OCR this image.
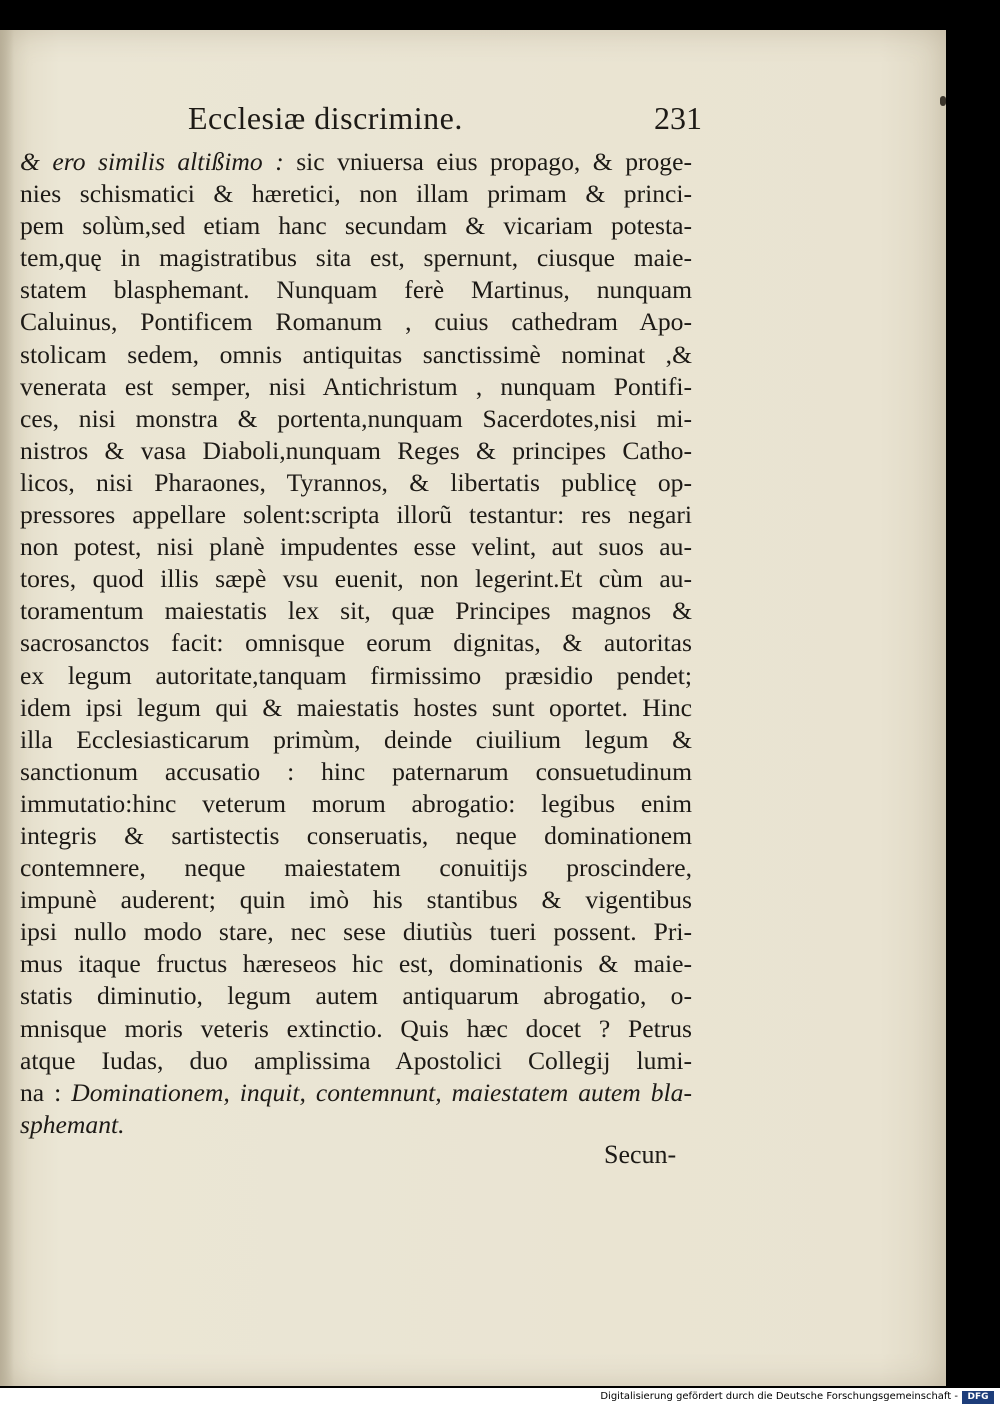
Ecclesiæ discrimine.	231
& ero similis altißimo : sic vniuersa eius propago, & proge-
nies schismatici & hæretici, non illam primam & princi-
pem solùm,sed etiam hanc secundam & vicariam potesta-
tem,quę in magistratibus sita est, spernunt, ciusque maie-
statem blasphemant. Nunquam ferè Martinus, nunquam
Caluinus, Pontificem Romanum , cuius cathedram Apo-
stolicam sedem, omnis antiquitas sanctissimè nominat ,&
venerata est semper, nisi Antichristum , nunquam Pontifi-
ces, nisi monstra & portenta,nunquam Sacerdotes,nisi mi-
nistros & vasa Diaboli,nunquam Reges & principes Catho-
licos, nisi Pharaones, Tyrannos, & libertatis publicę op-
pressores appellare solent:scripta illorũ testantur: res negari
non potest, nisi planè impudentes esse velint, aut suos au-
tores, quod illis sæpè vsu euenit, non legerint.Et cùm au-
toramentum maiestatis lex sit, quæ Principes magnos &
sacrosanctos facit: omnisque eorum dignitas, & autoritas
ex legum autoritate,tanquam firmissimo præsidio pendet;
idem ipsi legum qui & maiestatis hostes sunt oportet. Hinc
illa Ecclesiasticarum primùm, deinde ciuilium legum &
sanctionum accusatio : hinc paternarum consuetudinum
immutatio:hinc veterum morum abrogatio: legibus enim
integris & sartistectis conseruatis, neque dominationem
contemnere, neque maiestatem conuitijs proscindere,
impunè auderent; quin imò his stantibus & vigentibus
ipsi nullo modo stare, nec sese diutiùs tueri possent. Pri-
mus itaque fructus hæreseos hic est, dominationis & maie-
statis diminutio, legum autem antiquarum abrogatio, o-
mnisque moris veteris extinctio. Quis hæc docet ? Petrus
atque Iudas, duo amplissima Apostolici Collegij lumi-
na : Dominationem, inquit, contemnunt, maiestatem autem bla-
sphemant.
Secun-
Digitalisierung gefördert durch die Deutsche Forschungsgemeinschaft -	DFG
